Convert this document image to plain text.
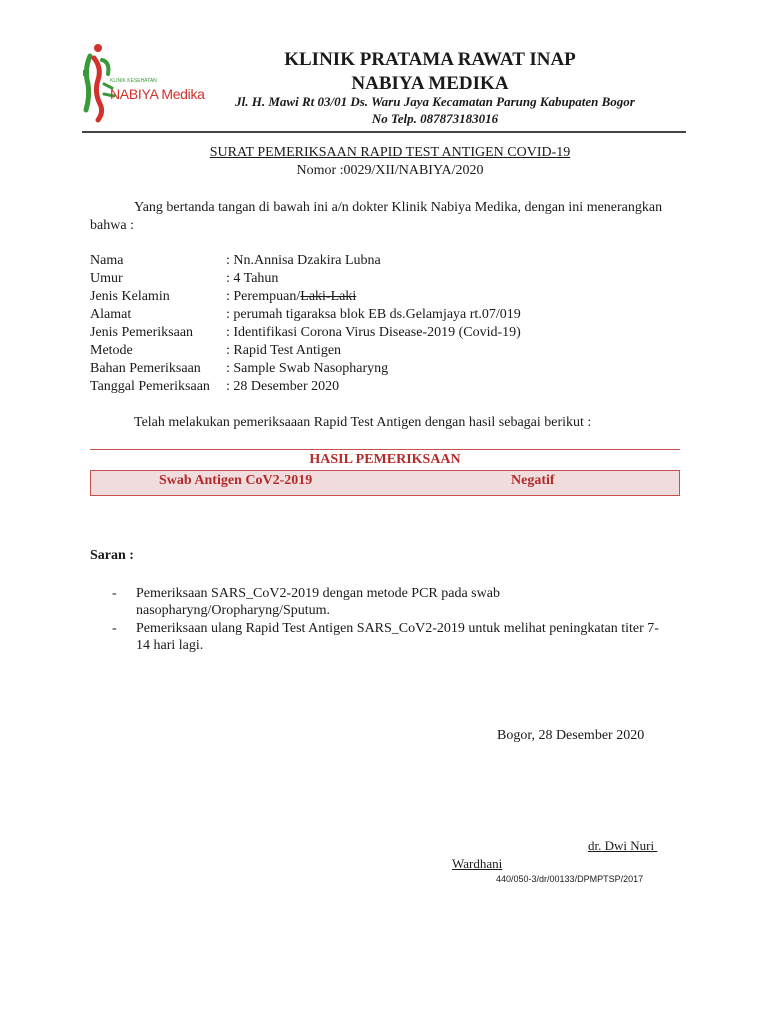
KLINIK KESEHATAN
NABIYA Medika
KLINIK PRATAMA RAWAT INAP
NABIYA MEDIKA
Jl. H. Mawi Rt 03/01 Ds. Waru Jaya Kecamatan Parung Kabupaten Bogor
No Telp. 087873183016
SURAT PEMERIKSAAN RAPID TEST ANTIGEN COVID-19
Nomor :0029/XII/NABIYA/2020
Yang bertanda tangan di bawah ini a/n dokter Klinik Nabiya Medika, dengan ini menerangkan bahwa :
Nama	: Nn.Annisa Dzakira Lubna
Umur	: 4 Tahun
Jenis Kelamin	: Perempuan/Laki-Laki
Alamat	: perumah tigaraksa blok EB ds.Gelamjaya rt.07/019
Jenis Pemeriksaan : Identifikasi Corona Virus Disease-2019 (Covid-19)
Metode	: Rapid Test Antigen
Bahan Pemeriksaan : Sample Swab Nasopharyng
Tanggal Pemeriksaan : 28 Desember 2020
Telah melakukan pemeriksaaan Rapid Test Antigen dengan hasil sebagai berikut :
HASIL PEMERIKSAAN
Swab Antigen CoV2-2019	Negatif
Saran :
- Pemeriksaan SARS_CoV2-2019 dengan metode PCR pada swab nasopharyng/Oropharyng/Sputum.
- Pemeriksaan ulang Rapid Test Antigen SARS_CoV2-2019 untuk melihat peningkatan titer 7-14 hari lagi.
Bogor, 28 Desember 2020
dr. Dwi Nuri
Wardhani
440/050-3/dr/00133/DPMPTSP/2017
